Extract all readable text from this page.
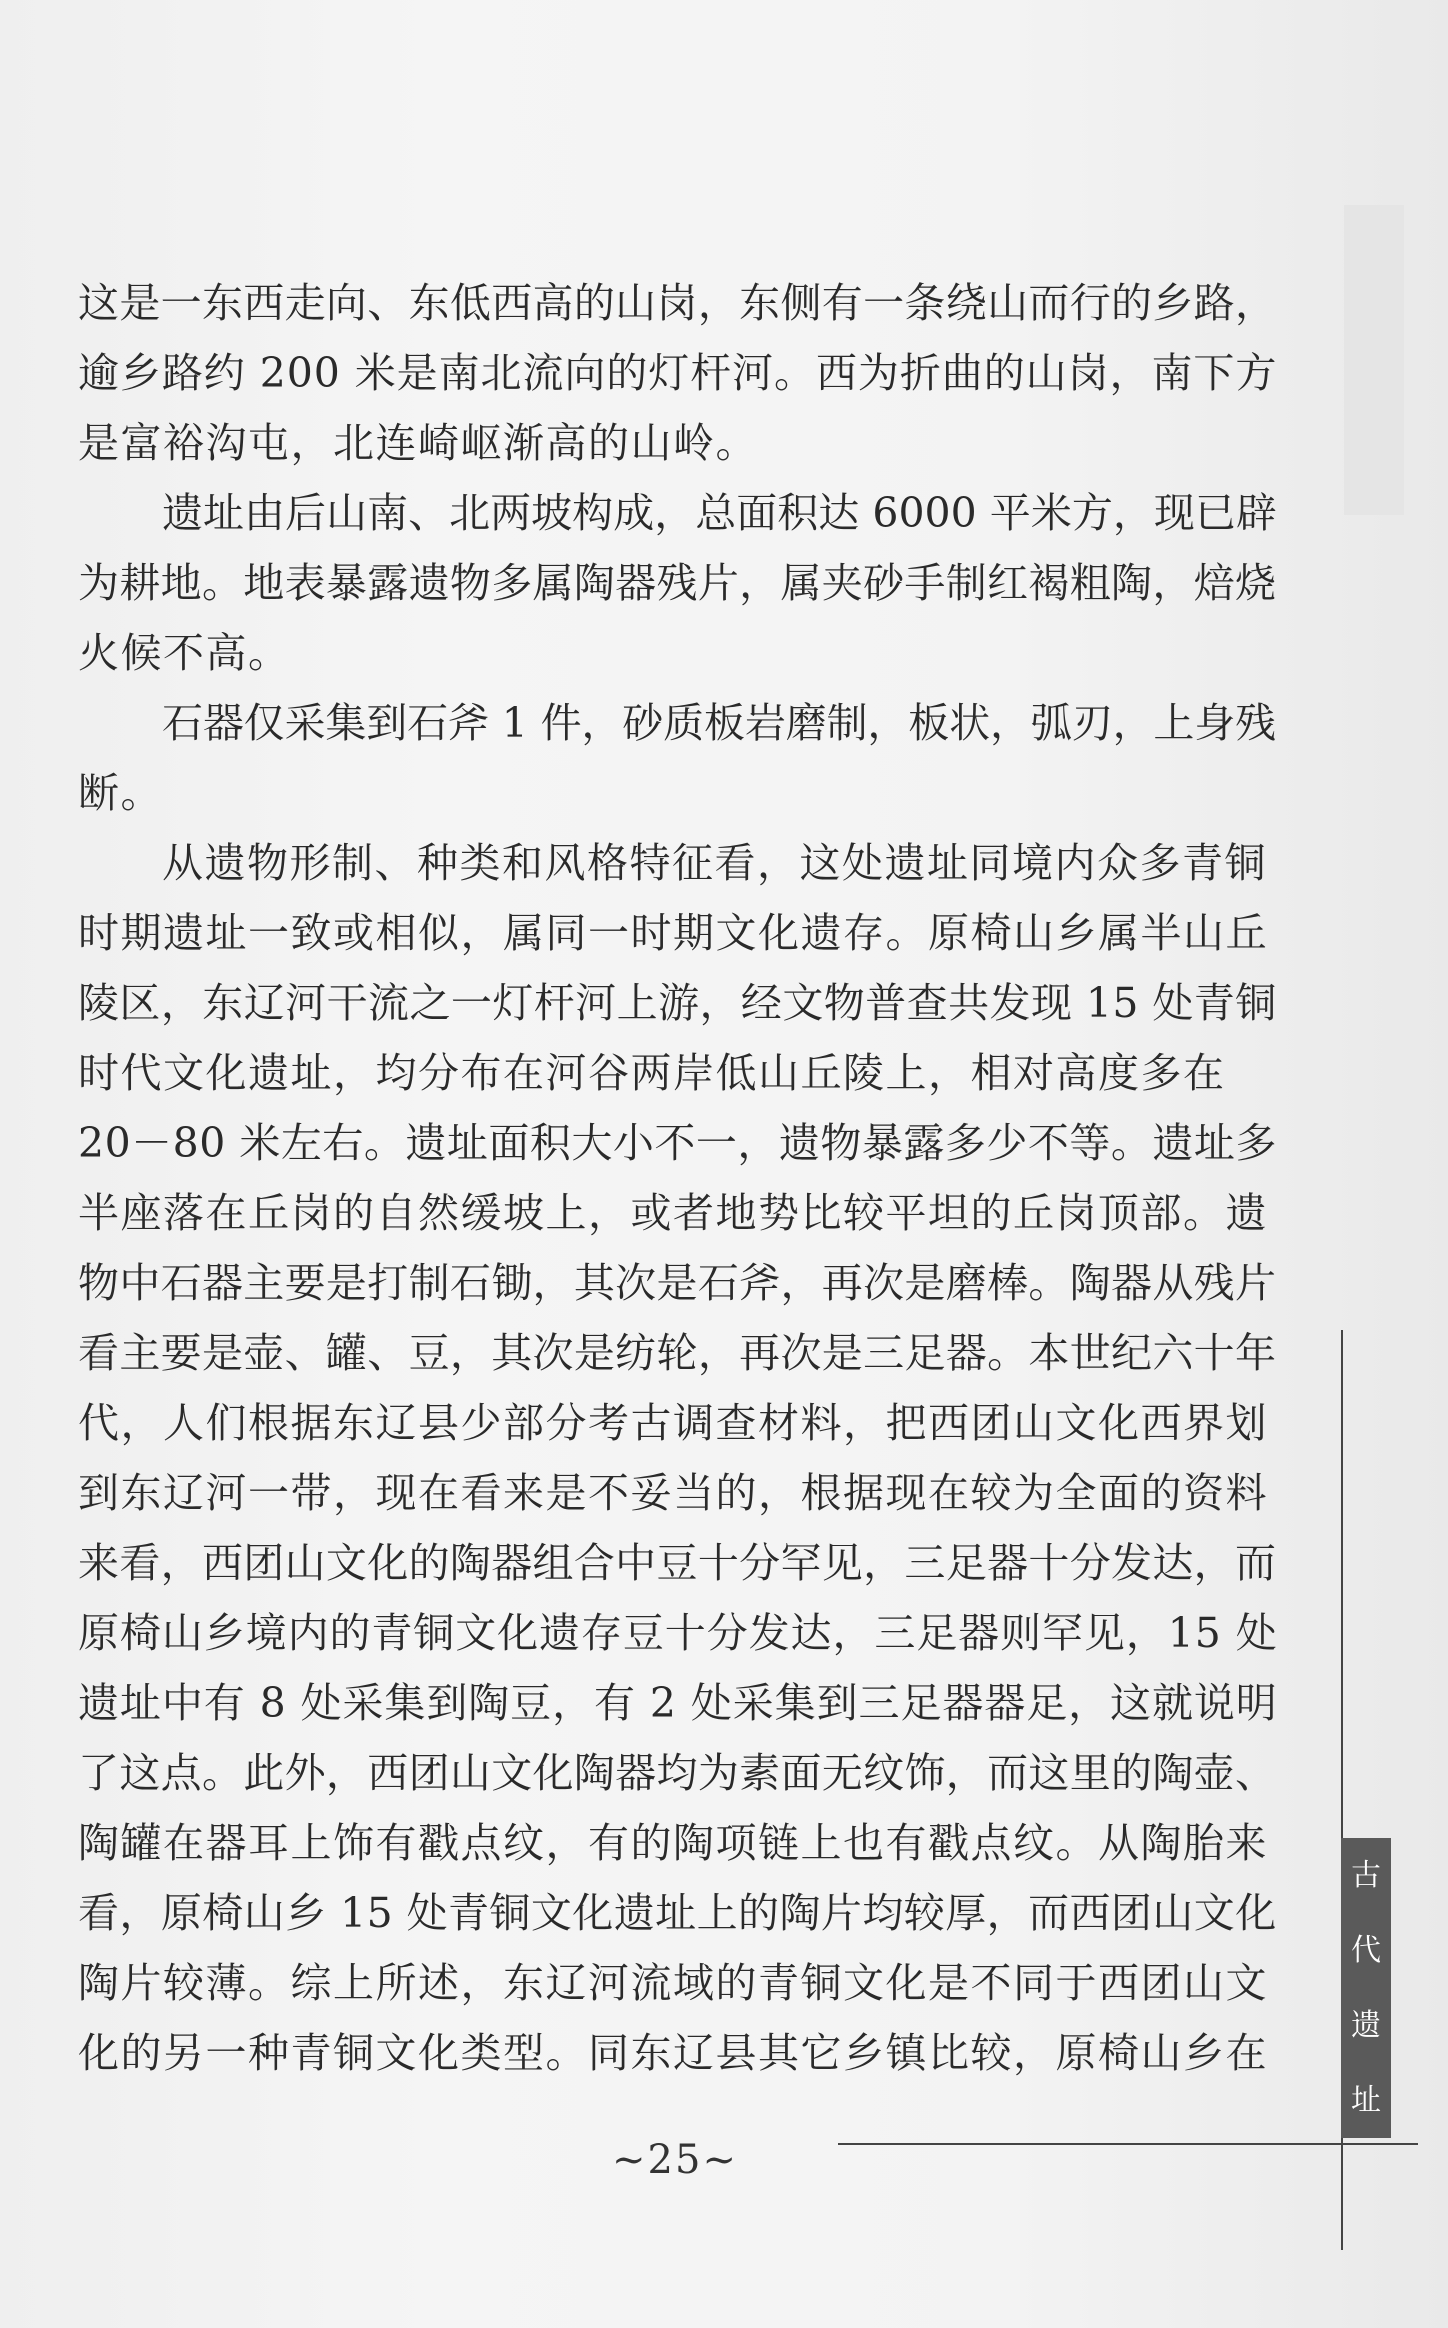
这是一东西走向、东低西高的山岗，东侧有一条绕山而行的乡路，
逾乡路约 200 米是南北流向的灯杆河。西为折曲的山岗，南下方
是富裕沟屯，北连崎岖渐高的山岭。
遗址由后山南、北两坡构成，总面积达 6000 平米方，现已辟
为耕地。地表暴露遗物多属陶器残片，属夹砂手制红褐粗陶，焙烧
火候不高。
石器仅采集到石斧 1 件，砂质板岩磨制，板状，弧刃，上身残
断。
从遗物形制、种类和风格特征看，这处遗址同境内众多青铜
时期遗址一致或相似，属同一时期文化遗存。原椅山乡属半山丘
陵区，东辽河干流之一灯杆河上游，经文物普查共发现 15 处青铜
时代文化遗址，均分布在河谷两岸低山丘陵上，相对高度多在
20－80 米左右。遗址面积大小不一，遗物暴露多少不等。遗址多
半座落在丘岗的自然缓坡上，或者地势比较平坦的丘岗顶部。遗
物中石器主要是打制石锄，其次是石斧，再次是磨棒。陶器从残片
看主要是壶、罐、豆，其次是纺轮，再次是三足器。本世纪六十年
代，人们根据东辽县少部分考古调查材料，把西团山文化西界划
到东辽河一带，现在看来是不妥当的，根据现在较为全面的资料
来看，西团山文化的陶器组合中豆十分罕见，三足器十分发达，而
原椅山乡境内的青铜文化遗存豆十分发达，三足器则罕见，15 处
遗址中有 8 处采集到陶豆，有 2 处采集到三足器器足，这就说明
了这点。此外，西团山文化陶器均为素面无纹饰，而这里的陶壶、
陶罐在器耳上饰有戳点纹，有的陶项链上也有戳点纹。从陶胎来
看，原椅山乡 15 处青铜文化遗址上的陶片均较厚，而西团山文化
陶片较薄。综上所述，东辽河流域的青铜文化是不同于西团山文
化的另一种青铜文化类型。同东辽县其它乡镇比较，原椅山乡在
古
代
遗
址
~25~
